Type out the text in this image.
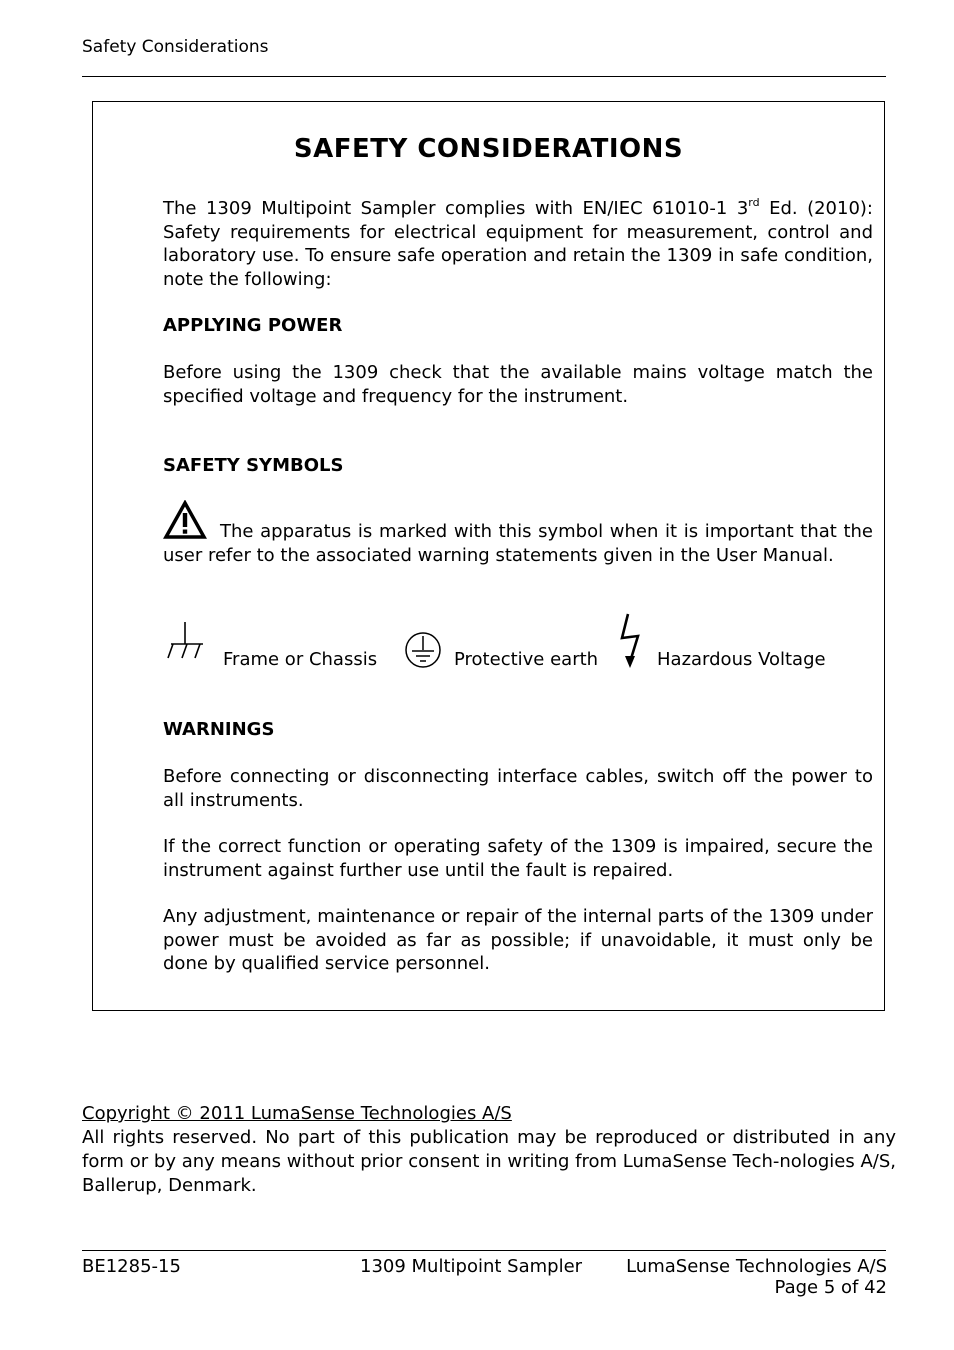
Safety Considerations
SAFETY CONSIDERATIONS
The 1309 Multipoint Sampler complies with EN/IEC 61010-1 3rd Ed. (2010): Safety requirements for electrical equipment for measurement, control and laboratory use. To ensure safe operation and retain the 1309 in safe condition, note the following:
APPLYING POWER
Before using the 1309 check that the available mains voltage match the specified voltage and frequency for the instrument.
SAFETY SYMBOLS
The apparatus is marked with this symbol when it is important that the user refer to the associated warning statements given in the User Manual.
Frame or Chassis	Protective earth	Hazardous Voltage
WARNINGS
Before connecting or disconnecting interface cables, switch off the power to all instruments.
If the correct function or operating safety of the 1309 is impaired, secure the instrument against further use until the fault is repaired.
Any adjustment, maintenance or repair of the internal parts of the 1309 under power must be avoided as far as possible; if unavoidable, it must only be done by qualified service personnel.
Copyright © 2011 LumaSense Technologies A/S
All rights reserved. No part of this publication may be reproduced or distributed in any form or by any means without prior consent in writing from LumaSense Tech-nologies A/S, Ballerup, Denmark.
BE1285-15	1309 Multipoint Sampler	LumaSense Technologies A/S
Page 5 of 42
